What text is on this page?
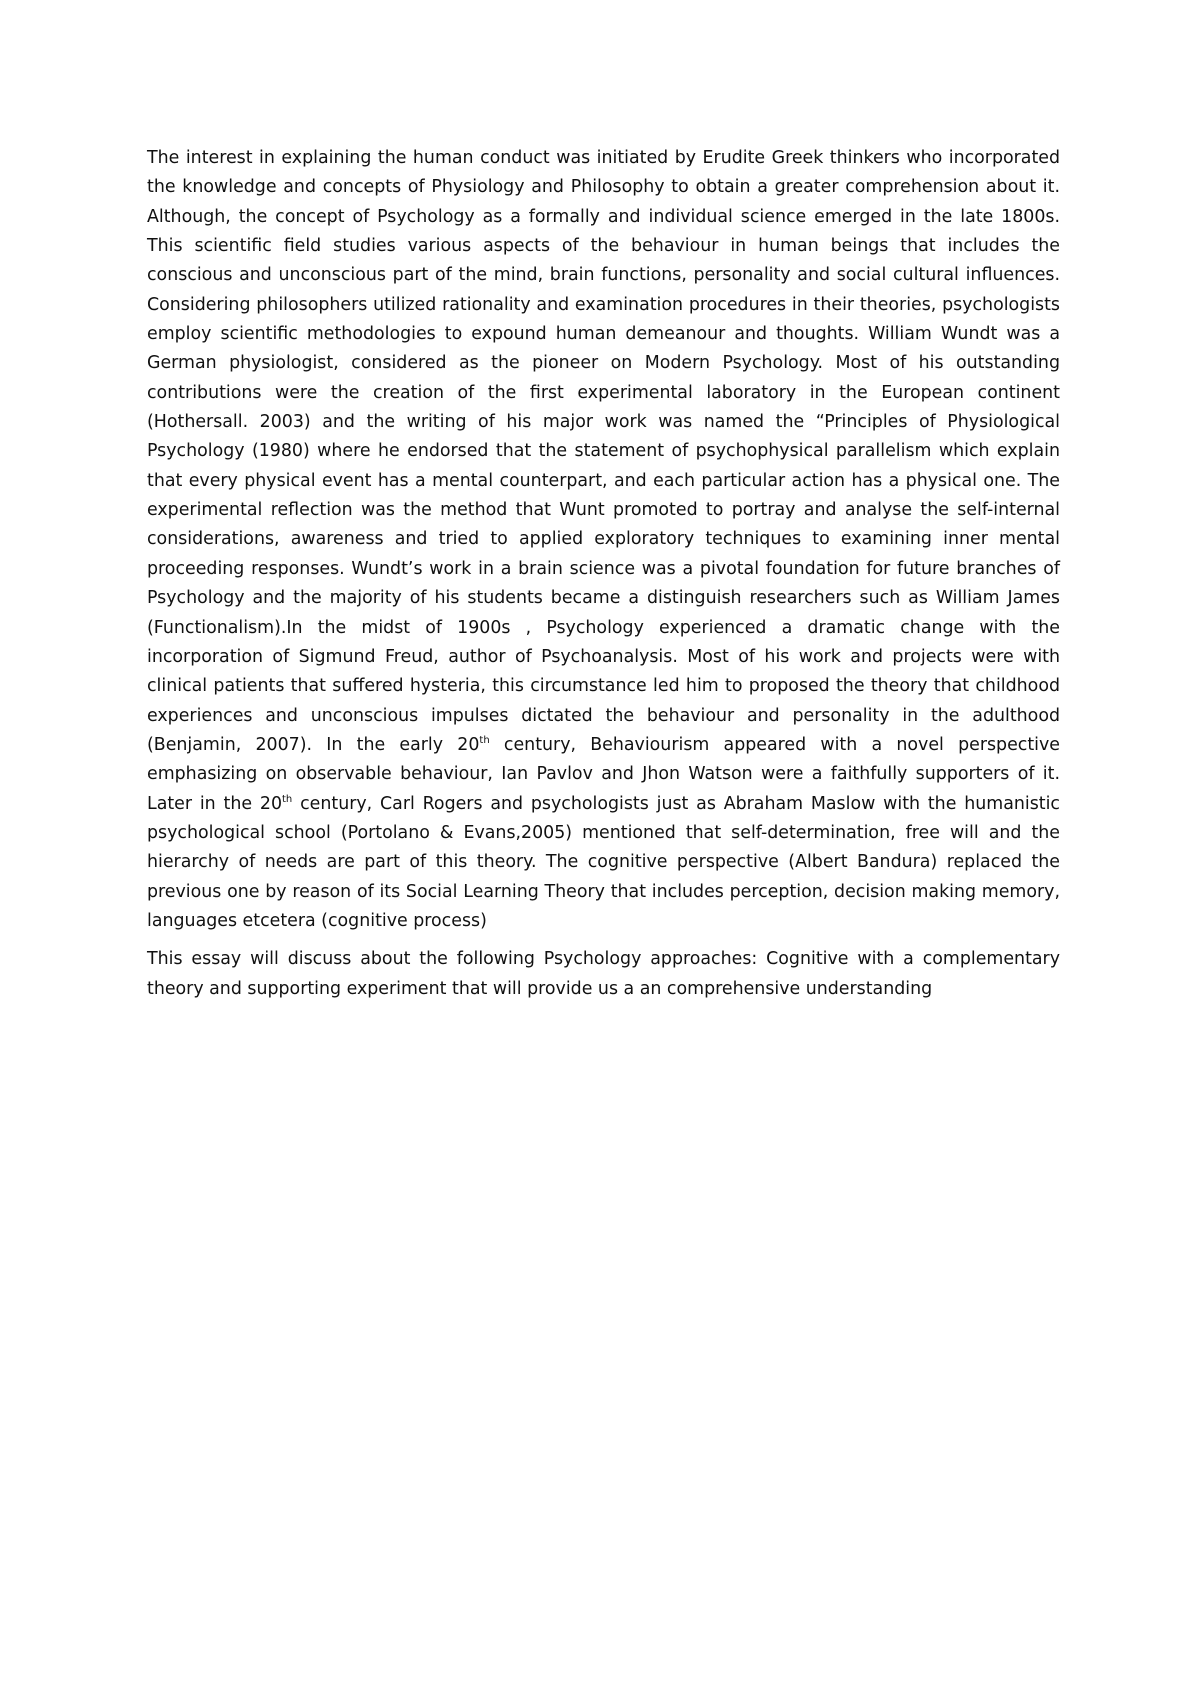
The interest in explaining the human conduct was initiated by Erudite Greek thinkers who incorporated the knowledge and concepts of Physiology and Philosophy to obtain a greater comprehension about it. Although, the concept of Psychology as a formally and individual science emerged in the late 1800s. This scientific field studies various aspects of the behaviour in human beings that includes the conscious and unconscious part of the mind, brain functions, personality and social cultural influences. Considering philosophers utilized rationality and examination procedures in their theories, psychologists employ scientific methodologies to expound human demeanour and thoughts. William Wundt was a German physiologist, considered as the pioneer on Modern Psychology. Most of his outstanding contributions were the creation of the first experimental laboratory in the European continent (Hothersall. 2003) and the writing of his major work was named the “Principles of Physiological Psychology (1980) where he endorsed that the statement of psychophysical parallelism which explain that every physical event has a mental counterpart, and each particular action has a physical one. The experimental reflection was the method that Wunt promoted to portray and analyse the self-internal considerations, awareness and tried to applied exploratory techniques to examining inner mental proceeding responses. Wundt’s work in a brain science was a pivotal foundation for future branches of Psychology and the majority of his students became a distinguish researchers such as William James (Functionalism).In the midst of 1900s , Psychology experienced a dramatic change with the incorporation of Sigmund Freud, author of Psychoanalysis. Most of his work and projects were with clinical patients that suffered hysteria, this circumstance led him to proposed the theory that childhood experiences and unconscious impulses dictated the behaviour and personality in the adulthood (Benjamin, 2007). In the early 20th century, Behaviourism appeared with a novel perspective emphasizing on observable behaviour, Ian Pavlov and Jhon Watson were a faithfully supporters of it. Later in the 20th century, Carl Rogers and psychologists just as Abraham Maslow with the humanistic psychological school (Portolano & Evans,2005) mentioned that self-determination, free will and the hierarchy of needs are part of this theory. The cognitive perspective (Albert Bandura) replaced the previous one by reason of its Social Learning Theory that includes perception, decision making memory, languages etcetera (cognitive process)

This essay will discuss about the following Psychology approaches: Cognitive with a complementary theory and supporting experiment that will provide us a an comprehensive understanding
